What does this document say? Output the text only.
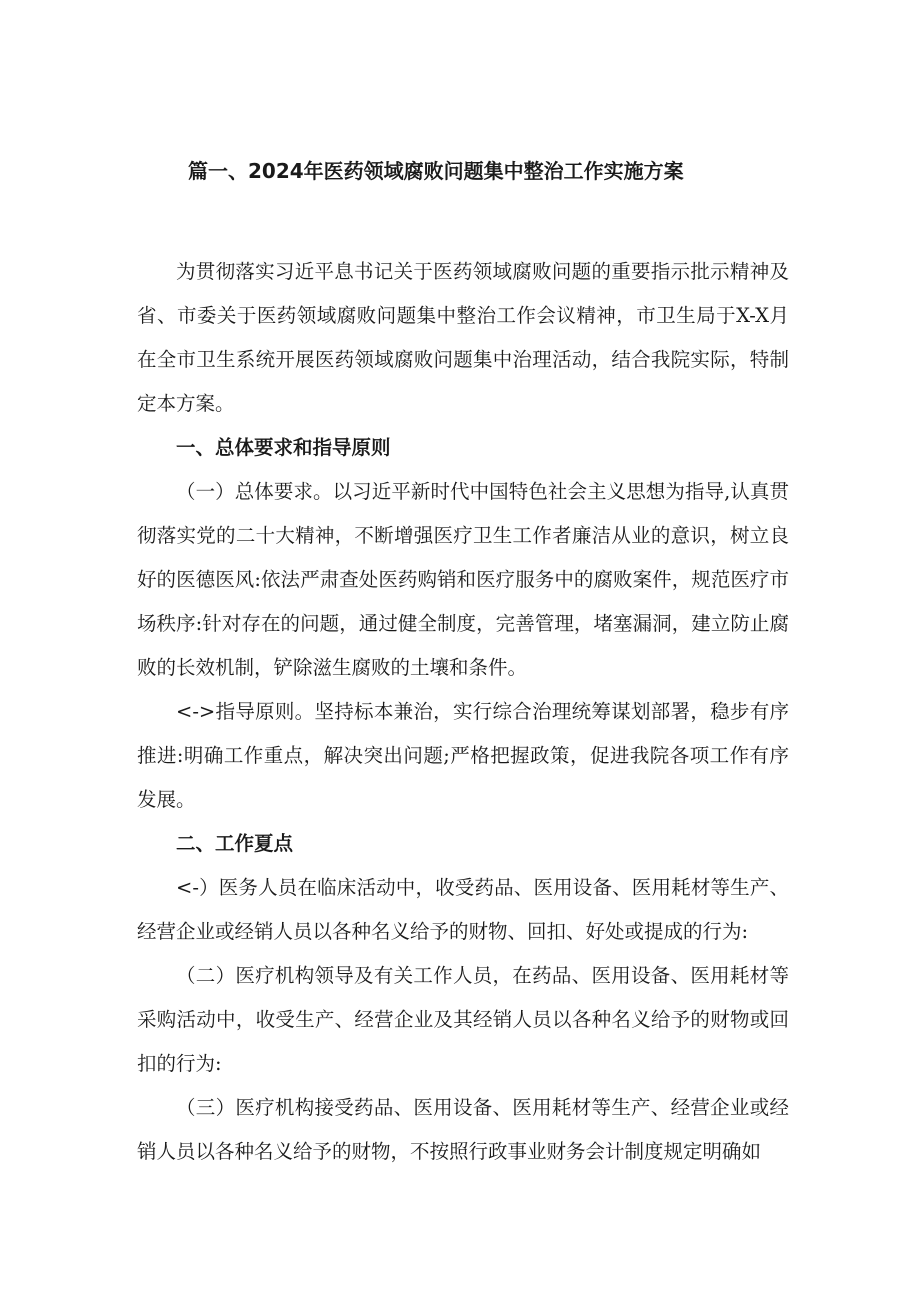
篇一、2024年医药领域腐败问题集中整治工作实施方案

为贯彻落实习近平息书记关于医药领域腐败问题的重要指示批示精神及省、市委关于医药领域腐败问题集中整治工作会议精神，市卫生局于X-X月在全市卫生系统开展医药领域腐败问题集中治理活动，结合我院实际，特制定本方案。

一、总体要求和指导原则

（一）总体要求。以习近平新时代中国特色社会主义思想为指导,认真贯彻落实党的二十大精神，不断增强医疗卫生工作者廉洁从业的意识，树立良好的医德医风:依法严肃查处医药购销和医疗服务中的腐败案件，规范医疗市场秩序:针对存在的问题，通过健全制度，完善管理，堵塞漏洞，建立防止腐败的长效机制，铲除滋生腐败的土壤和条件。

<->指导原则。坚持标本兼治，实行综合治理统筹谋划部署，稳步有序推进:明确工作重点，解决突出问题;严格把握政策，促进我院各项工作有序发展。

二、工作夏点

<-）医务人员在临床活动中，收受药品、医用设备、医用耗材等生产、经营企业或经销人员以各种名义给予的财物、回扣、好处或提成的行为:

（二）医疗机构领导及有关工作人员，在药品、医用设备、医用耗材等采购活动中，收受生产、经营企业及其经销人员以各种名义给予的财物或回扣的行为:

（三）医疗机构接受药品、医用设备、医用耗材等生产、经营企业或经销人员以各种名义给予的财物，不按照行政事业财务会计制度规定明确如
